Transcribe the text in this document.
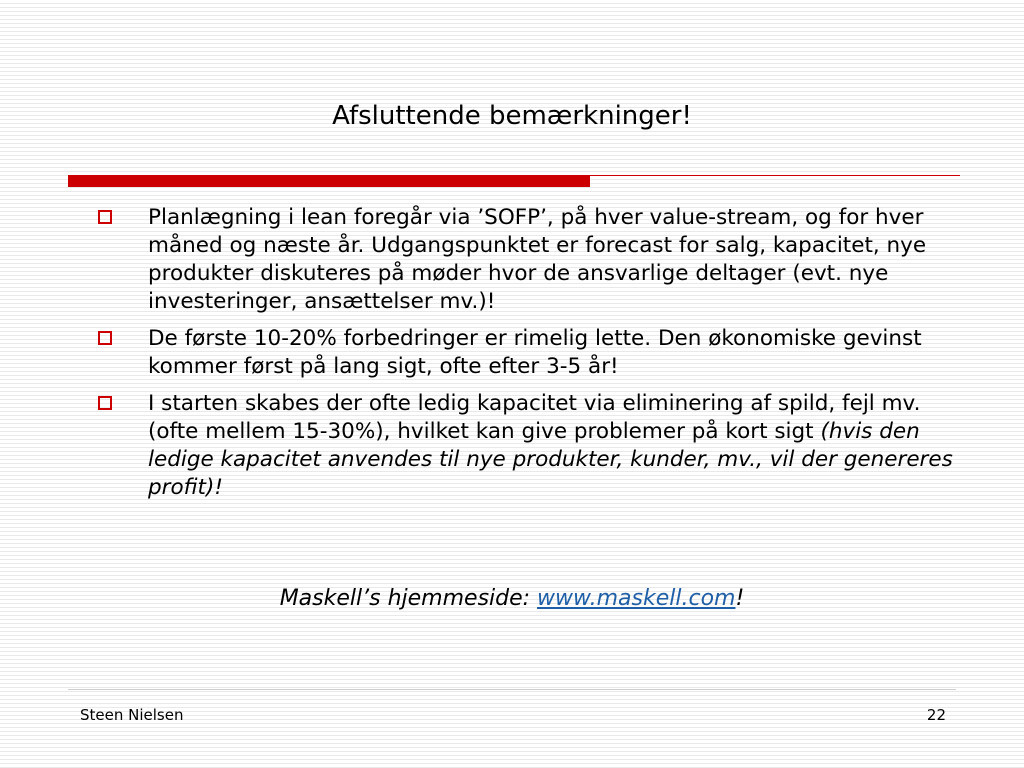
Afsluttende bemærkninger!
Planlægning i lean foregår via ’SOFP’, på hver value-stream, og for hver måned og næste år. Udgangspunktet er forecast for salg, kapacitet, nye produkter diskuteres på møder hvor de ansvarlige deltager (evt. nye investeringer, ansættelser mv.)!
De første 10-20% forbedringer er rimelig lette. Den økonomiske gevinst kommer først på lang sigt, ofte efter 3-5 år!
I starten skabes der ofte ledig kapacitet via eliminering af spild, fejl mv. (ofte mellem 15-30%), hvilket kan give problemer på kort sigt (hvis den ledige kapacitet anvendes til nye produkter, kunder, mv., vil der genereres profit)!
Maskell’s hjemmeside: www.maskell.com!
Steen Nielsen	22
